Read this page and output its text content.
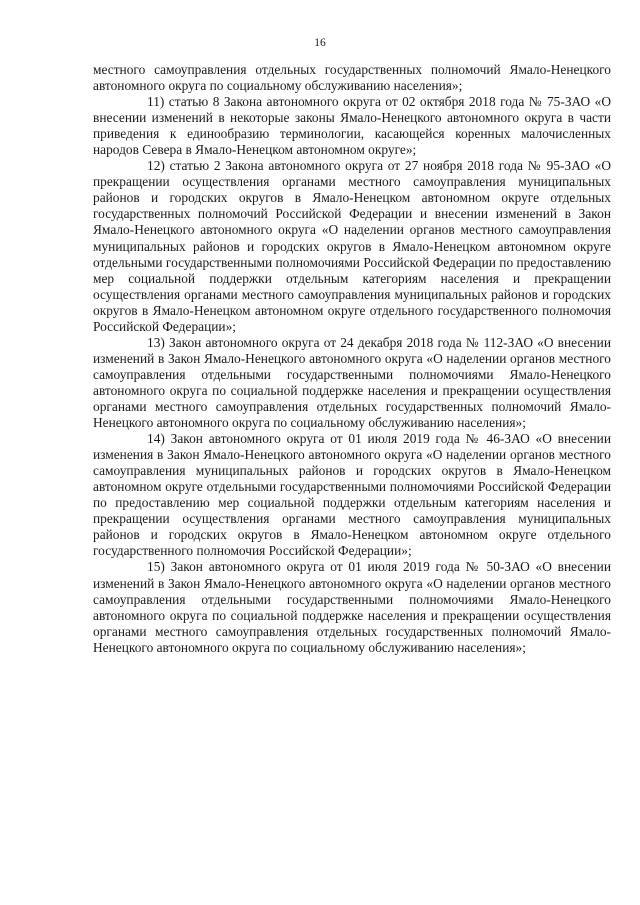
16

местного самоуправления отдельных государственных полномочий Ямало-Ненецкого автономного округа по социальному обслуживанию населения»;

11) статью 8 Закона автономного округа от 02 октября 2018 года № 75-ЗАО «О внесении изменений в некоторые законы Ямало-Ненецкого автономного округа в части приведения к единообразию терминологии, касающейся коренных малочисленных народов Севера в Ямало-Ненецком автономном округе»;

12) статью 2 Закона автономного округа от 27 ноября 2018 года № 95-ЗАО «О прекращении осуществления органами местного самоуправления муниципальных районов и городских округов в Ямало-Ненецком автономном округе отдельных государственных полномочий Российской Федерации и внесении изменений в Закон Ямало-Ненецкого автономного округа «О наделении органов местного самоуправления муниципальных районов и городских округов в Ямало-Ненецком автономном округе отдельными государственными полномочиями Российской Федерации по предоставлению мер социальной поддержки отдельным категориям населения и прекращении осуществления органами местного самоуправления муниципальных районов и городских округов в Ямало-Ненецком автономном округе отдельного государственного полномочия Российской Федерации»;

13) Закон автономного округа от 24 декабря 2018 года № 112-ЗАО «О внесении изменений в Закон Ямало-Ненецкого автономного округа «О наделении органов местного самоуправления отдельными государственными полномочиями Ямало-Ненецкого автономного округа по социальной поддержке населения и прекращении осуществления органами местного самоуправления отдельных государственных полномочий Ямало-Ненецкого автономного округа по социальному обслуживанию населения»;

14) Закон автономного округа от 01 июля 2019 года № 46-ЗАО «О внесении изменения в Закон Ямало-Ненецкого автономного округа «О наделении органов местного самоуправления муниципальных районов и городских округов в Ямало-Ненецком автономном округе отдельными государственными полномочиями Российской Федерации по предоставлению мер социальной поддержки отдельным категориям населения и прекращении осуществления органами местного самоуправления муниципальных районов и городских округов в Ямало-Ненецком автономном округе отдельного государственного полномочия Российской Федерации»;

15) Закон автономного округа от 01 июля 2019 года № 50-ЗАО «О внесении изменений в Закон Ямало-Ненецкого автономного округа «О наделении органов местного самоуправления отдельными государственными полномочиями Ямало-Ненецкого автономного округа по социальной поддержке населения и прекращении осуществления органами местного самоуправления отдельных государственных полномочий Ямало-Ненецкого автономного округа по социальному обслуживанию населения»;
